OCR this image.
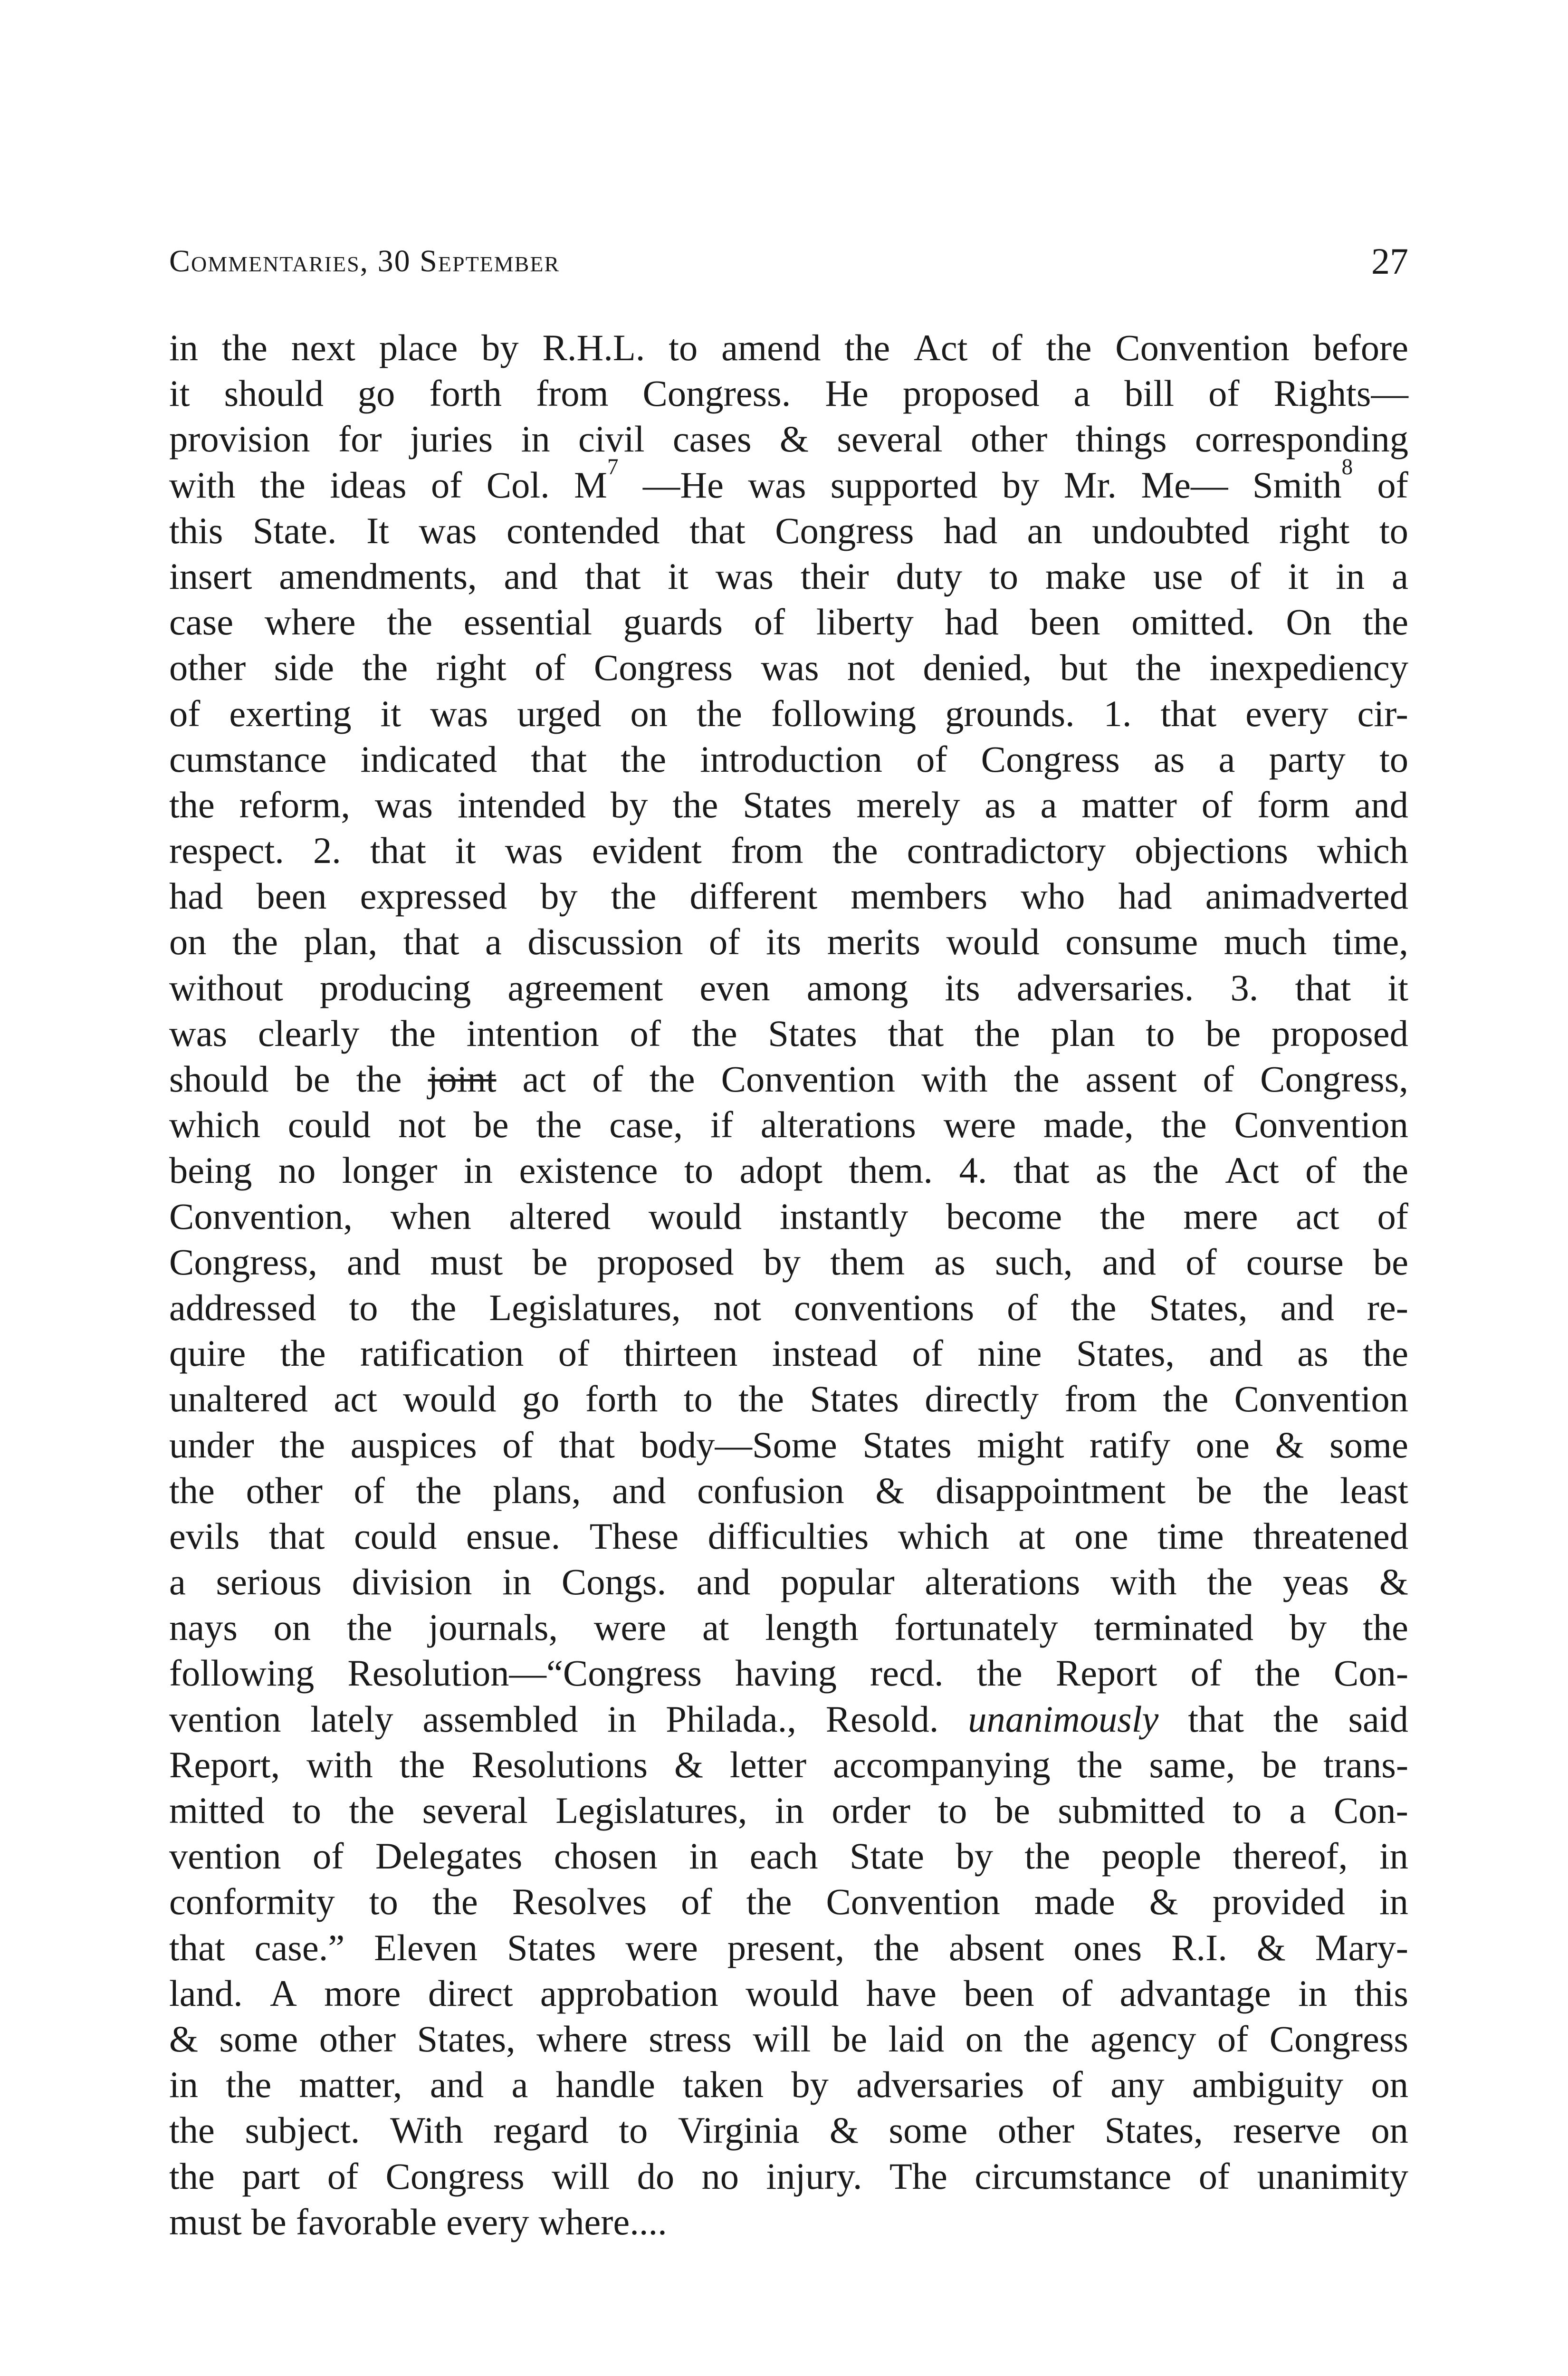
Commentaries, 30 September	27
in the next place by R.H.L. to amend the Act of the Convention before
it should go forth from Congress. He proposed a bill of Rights—
provision for juries in civil cases & several other things corresponding
with the ideas of Col. $M^7$ —He was supported by Mr. Me— Smith$^8$ of
this State. It was contended that Congress had an undoubted right to
insert amendments, and that it was their duty to make use of it in a
case where the essential guards of liberty had been omitted. On the
other side the right of Congress was not denied, but the inexpediency
of exerting it was urged on the following grounds. 1. that every cir-
cumstance indicated that the introduction of Congress as a party to
the reform, was intended by the States merely as a matter of form and
respect. 2. that it was evident from the contradictory objections which
had been expressed by the different members who had animadverted
on the plan, that a discussion of its merits would consume much time,
without producing agreement even among its adversaries. 3. that it
was clearly the intention of the States that the plan to be proposed
should be the joint act of the Convention with the assent of Congress,
which could not be the case, if alterations were made, the Convention
being no longer in existence to adopt them. 4. that as the Act of the
Convention, when altered would instantly become the mere act of
Congress, and must be proposed by them as such, and of course be
addressed to the Legislatures, not conventions of the States, and re-
quire the ratification of thirteen instead of nine States, and as the
unaltered act would go forth to the States directly from the Convention
under the auspices of that body—Some States might ratify one & some
the other of the plans, and confusion & disappointment be the least
evils that could ensue. These difficulties which at one time threatened
a serious division in Congs. and popular alterations with the yeas &
nays on the journals, were at length fortunately terminated by the
following Resolution—“Congress having recd. the Report of the Con-
vention lately assembled in Philada., Resold. unanimously that the said
Report, with the Resolutions & letter accompanying the same, be trans-
mitted to the several Legislatures, in order to be submitted to a Con-
vention of Delegates chosen in each State by the people thereof, in
conformity to the Resolves of the Convention made & provided in
that case.” Eleven States were present, the absent ones R.I. & Mary-
land. A more direct approbation would have been of advantage in this
& some other States, where stress will be laid on the agency of Congress
in the matter, and a handle taken by adversaries of any ambiguity on
the subject. With regard to Virginia & some other States, reserve on
the part of Congress will do no injury. The circumstance of unanimity
must be favorable every where....
